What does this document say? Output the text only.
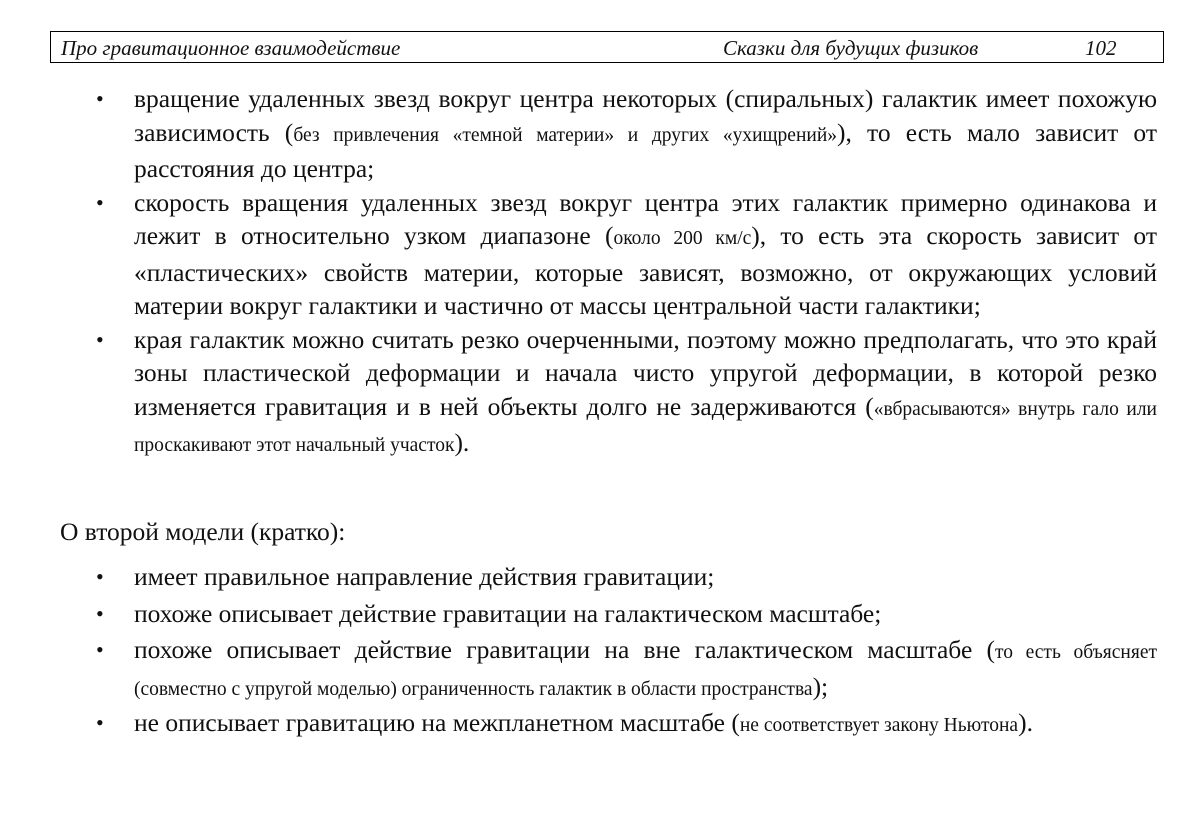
Про гравитационное взаимодействие	Сказки для будущих физиков	102
• вращение удаленных звезд вокруг центра некоторых (спиральных) галактик имеет похожую зависимость (без привлечения «темной материи» и других «ухищрений»), то есть мало зависит от расстояния до центра;
• скорость вращения удаленных звезд вокруг центра этих галактик примерно одинакова и лежит в относительно узком диапазоне (около 200 км/с), то есть эта скорость зависит от «пластических» свойств материи, которые зависят, возможно, от окружающих условий материи вокруг галактики и частично от массы центральной части галактики;
• края галактик можно считать резко очерченными, поэтому можно предполагать, что это край зоны пластической деформации и начала чисто упругой деформации, в которой резко изменяется гравитация и в ней объекты долго не задерживаются («вбрасываются» внутрь гало или проскакивают этот начальный участок).

О второй модели (кратко):

• имеет правильное направление действия гравитации;
• похоже описывает действие гравитации на галактическом масштабе;
• похоже описывает действие гравитации на вне галактическом масштабе (то есть объясняет (совместно с упругой моделью) ограниченность галактик в области пространства);
• не описывает гравитацию на межпланетном масштабе (не соответствует закону Ньютона).
